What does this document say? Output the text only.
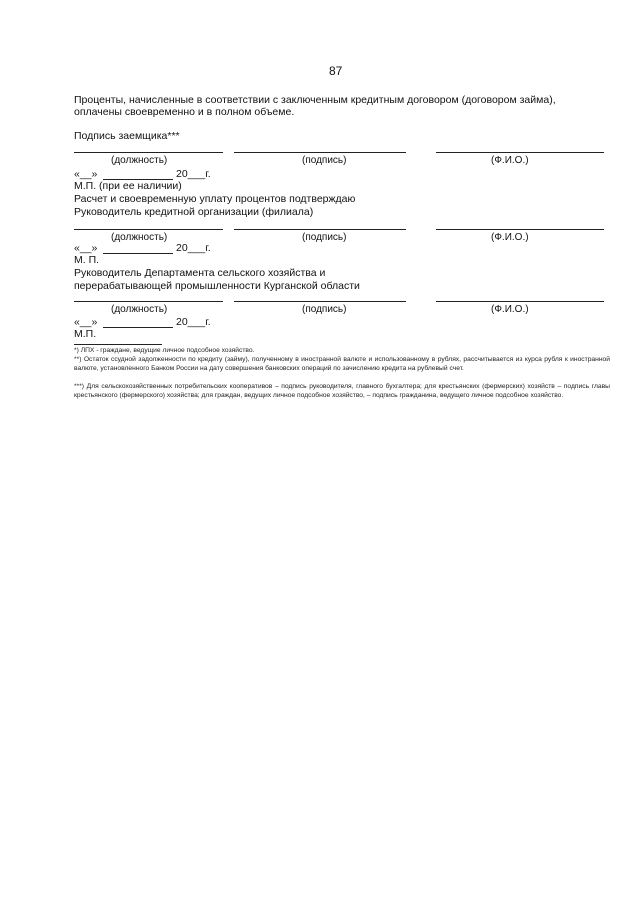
87
Проценты, начисленные в соответствии с заключенным кредитным договором (договором займа),
оплачены своевременно и в полном объеме.
Подпись заемщика***
(должность)	(подпись)	(Ф.И.О.)
«__»	20___г.
М.П. (при ее наличии)
Расчет и своевременную уплату процентов подтверждаю
Руководитель кредитной организации (филиала)
(должность)	(подпись)	(Ф.И.О.)
«__»	20___г.
М. П.
Руководитель Департамента сельского хозяйства и
перерабатывающей промышленности Курганской области
(должность)	(подпись)	(Ф.И.О.)
«__»	20___г.
М.П.
*) ЛПХ - граждане, ведущие личное подсобное хозяйство.
**) Остаток ссудной задолженности по кредиту (займу), полученному в иностранной валюте и использованному в рублях, рассчитывается из курса рубля к иностранной валюте, установленного Банком России на дату совершения банковских операций по зачислению кредита на рублевый счет.
***) Для сельскохозяйственных потребительских кооперативов – подпись руководителя, главного бухгалтера; для крестьянских (фермерских) хозяйств – подпись главы крестьянского (фермерского) хозяйства; для граждан, ведущих личное подсобное хозяйство, – подпись гражданина, ведущего личное подсобное хозяйство.
